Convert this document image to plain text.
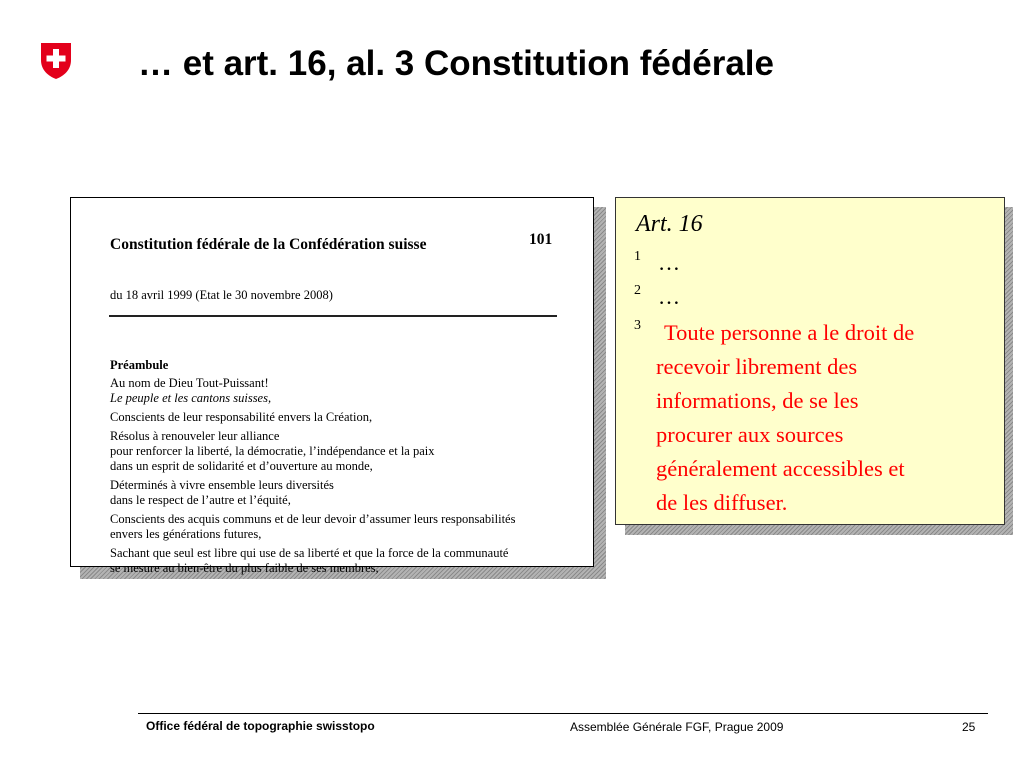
… et art. 16, al. 3 Constitution fédérale
Constitution fédérale de la Confédération suisse	101
du 18 avril 1999 (Etat le 30 novembre 2008)
Préambule
Au nom de Dieu Tout-Puissant!
Le peuple et les cantons suisses,
Conscients de leur responsabilité envers la Création,
Résolus à renouveler leur alliance
pour renforcer la liberté, la démocratie, l’indépendance et la paix
dans un esprit de solidarité et d’ouverture au monde,
Déterminés à vivre ensemble leurs diversités
dans le respect de l’autre et l’équité,
Conscients des acquis communs et de leur devoir d’assumer leurs responsabilités
envers les générations futures,
Sachant que seul est libre qui use de sa liberté et que la force de la communauté
se mesure au bien-être du plus faible de ses membres,
Art. 16
1 …
2 …
3	Toute personne a le droit de
recevoir librement des
informations, de se les
procurer aux sources
généralement accessibles et
de les diffuser.
Office fédéral de topographie swisstopo	Assemblée Générale FGF, Prague 2009	25
